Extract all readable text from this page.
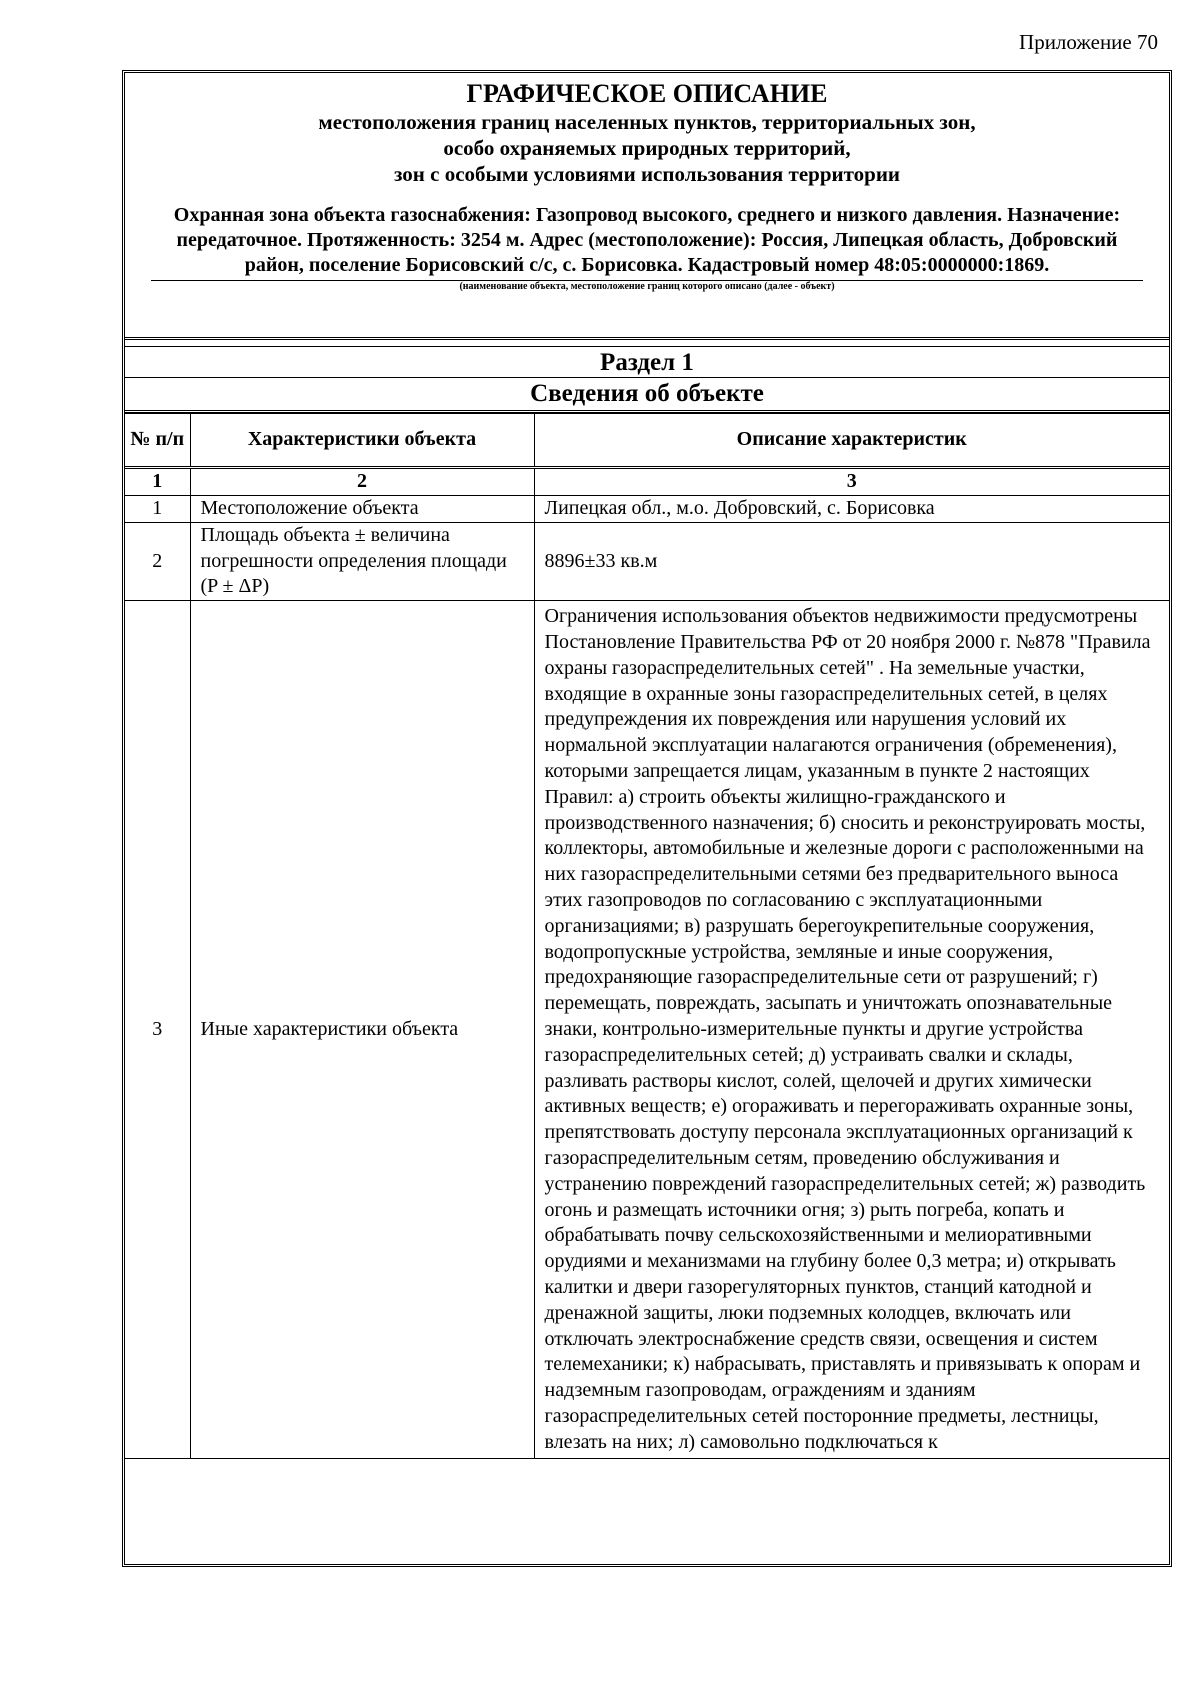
Приложение 70
ГРАФИЧЕСКОЕ ОПИСАНИЕ
местоположения границ населенных пунктов, территориальных зон,
особо охраняемых природных территорий,
зон с особыми условиями использования территории
Охранная зона объекта газоснабжения: Газопровод высокого, среднего и низкого давления. Назначение: передаточное. Протяженность: 3254 м. Адрес (местоположение): Россия, Липецкая область, Добровский район, поселение Борисовский с/с, с. Борисовка. Кадастровый номер 48:05:0000000:1869.
(наименование объекта, местоположение границ которого описано (далее - объект)
Раздел 1
Сведения об объекте
№ п/п	Характеристики объекта	Описание характеристик
1	2	3
1	Местоположение объекта	Липецкая обл., м.о. Добровский, с. Борисовка
2	Площадь объекта ± величина погрешности определения площади (P ± ΔP)	8896±33 кв.м
3	Иные характеристики объекта	Ограничения использования объектов недвижимости предусмотрены Постановление Правительства РФ от 20 ноября 2000 г. №878 "Правила охраны газораспределительных сетей" . На земельные участки, входящие в охранные зоны газораспределительных сетей, в целях предупреждения их повреждения или нарушения условий их нормальной эксплуатации налагаются ограничения (обременения), которыми запрещается лицам, указанным в пункте 2 настоящих Правил: а) строить объекты жилищно-гражданского и производственного назначения; б) сносить и реконструировать мосты, коллекторы, автомобильные и железные дороги с расположенными на них газораспределительными сетями без предварительного выноса этих газопроводов по согласованию с эксплуатационными организациями; в) разрушать берегоукрепительные сооружения, водопропускные устройства, земляные и иные сооружения, предохраняющие газораспределительные сети от разрушений; г) перемещать, повреждать, засыпать и уничтожать опознавательные знаки, контрольно-измерительные пункты и другие устройства газораспределительных сетей; д) устраивать свалки и склады, разливать растворы кислот, солей, щелочей и других химически активных веществ; е) огораживать и перегораживать охранные зоны, препятствовать доступу персонала эксплуатационных организаций к газораспределительным сетям, проведению обслуживания и устранению повреждений газораспределительных сетей; ж) разводить огонь и размещать источники огня; з) рыть погреба, копать и обрабатывать почву сельскохозяйственными и мелиоративными орудиями и механизмами на глубину более 0,3 метра; и) открывать калитки и двери газорегуляторных пунктов, станций катодной и дренажной защиты, люки подземных колодцев, включать или отключать электроснабжение средств связи, освещения и систем телемеханики; к) набрасывать, приставлять и привязывать к опорам и надземным газопроводам, ограждениям и зданиям газораспределительных сетей посторонние предметы, лестницы, влезать на них; л) самовольно подключаться к
